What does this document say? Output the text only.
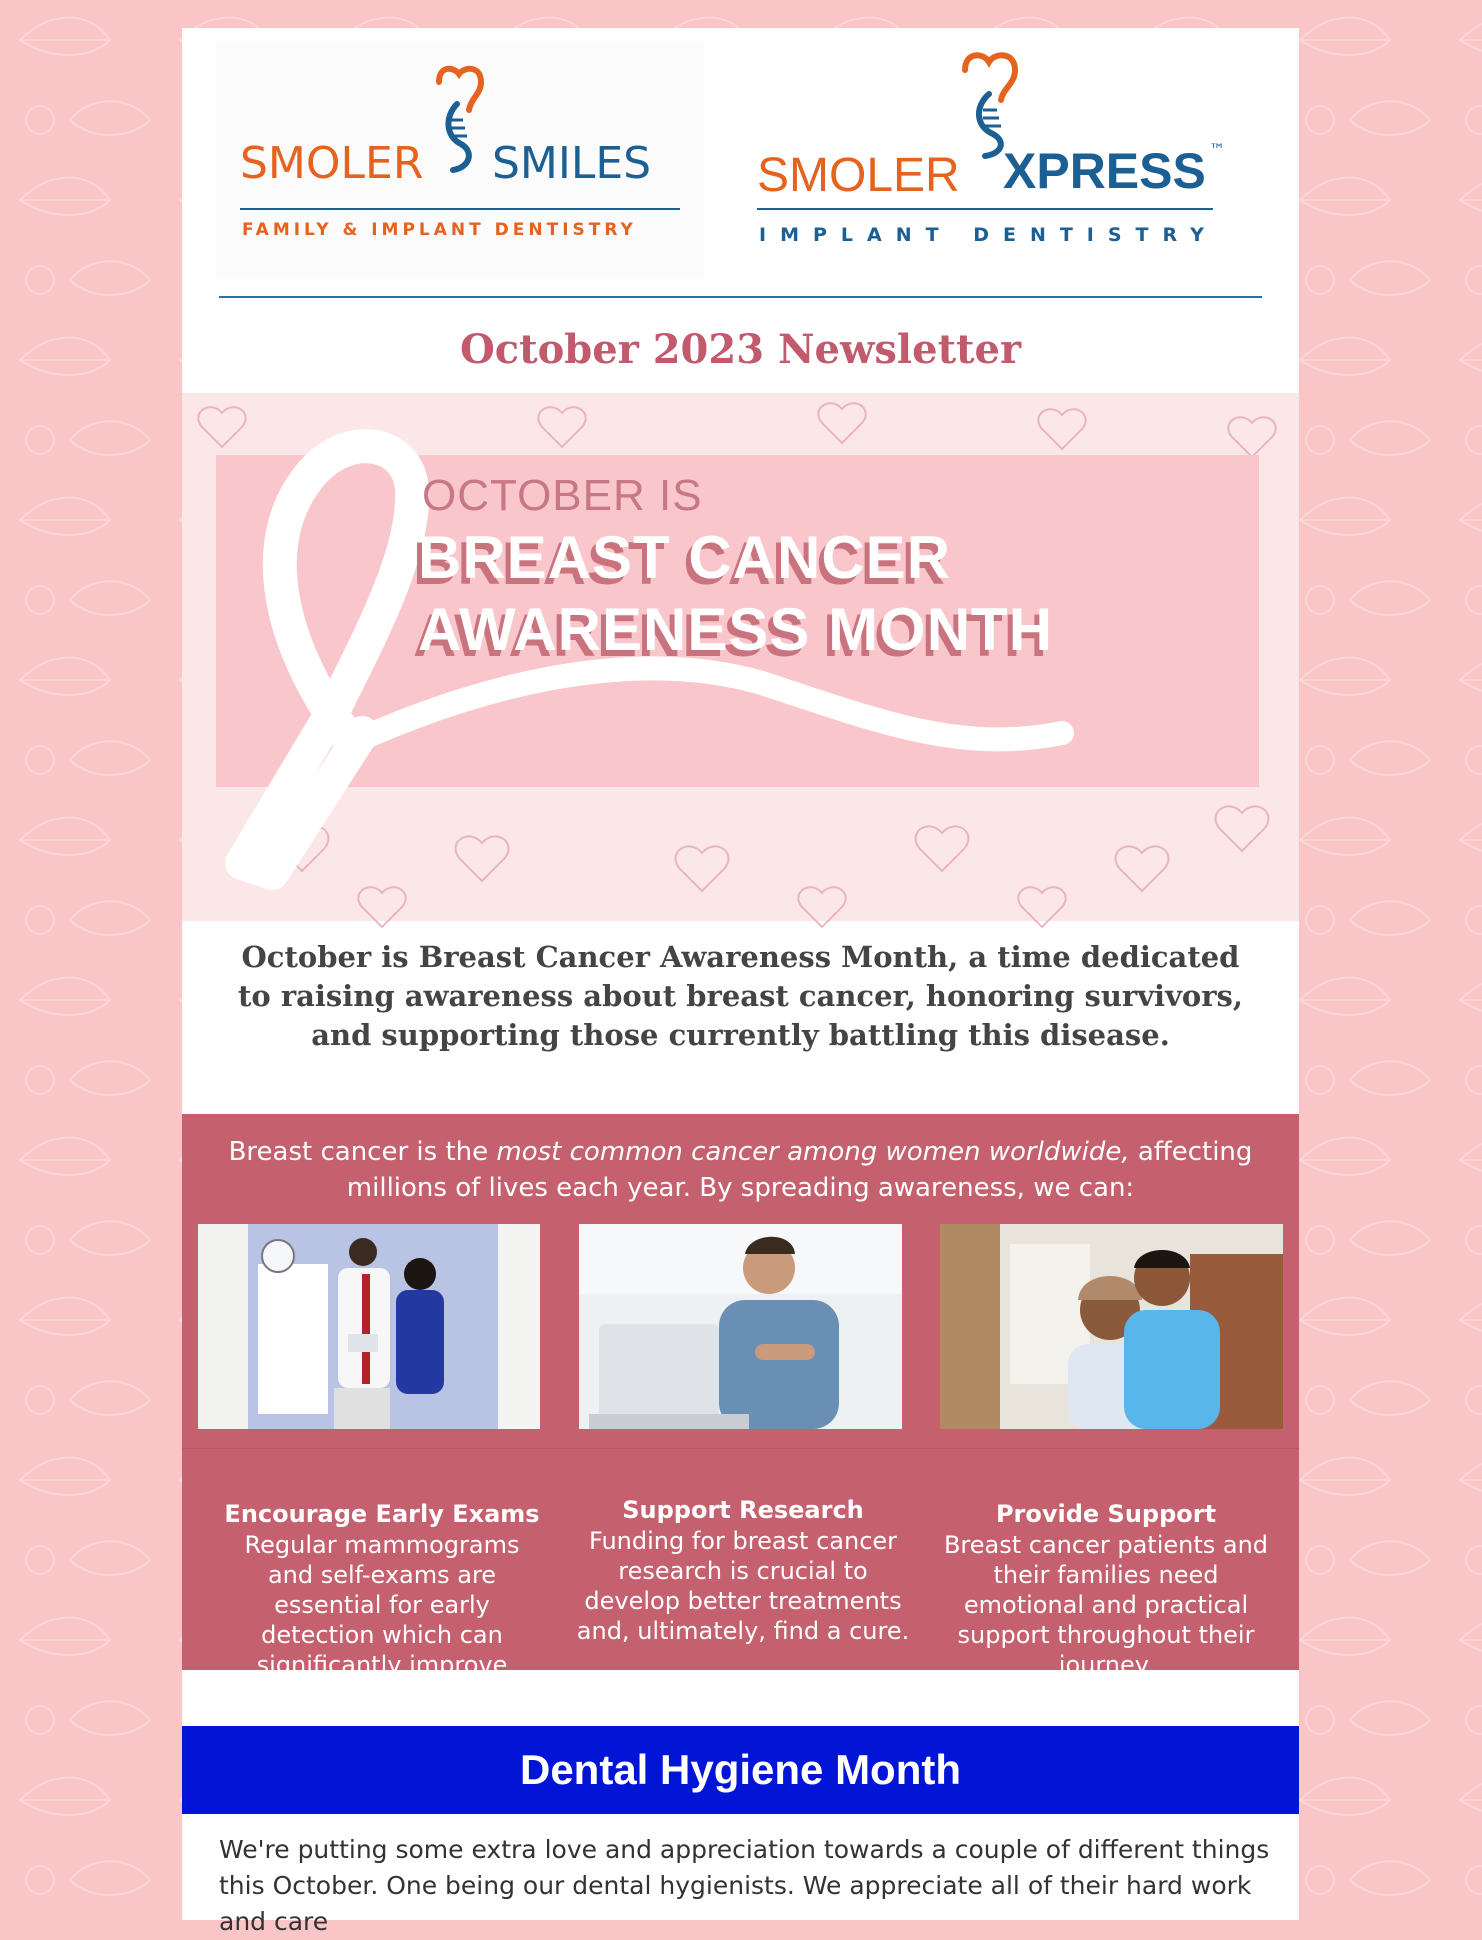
SMOLER SMILES
FAMILY & IMPLANT DENTISTRY
SMOLER XPRESS ™
IMPLANT DENTISTRY
October 2023 Newsletter
OCTOBER IS
BREAST CANCER
AWARENESS MONTH
October is Breast Cancer Awareness Month, a time dedicated to raising awareness about breast cancer, honoring survivors, and supporting those currently battling this disease.
Breast cancer is the most common cancer among women worldwide, affecting millions of lives each year. By spreading awareness, we can:
Encourage Early Exams
Regular mammograms and self-exams are essential for early detection which can significantly improve treatment outcomes.
Support Research
Funding for breast cancer research is crucial to develop better treatments and, ultimately, find a cure.
Provide Support
Breast cancer patients and their families need emotional and practical support throughout their journey.
Dental Hygiene Month
We're putting some extra love and appreciation towards a couple of different things this October. One being our dental hygienists. We appreciate all of their hard work and care
